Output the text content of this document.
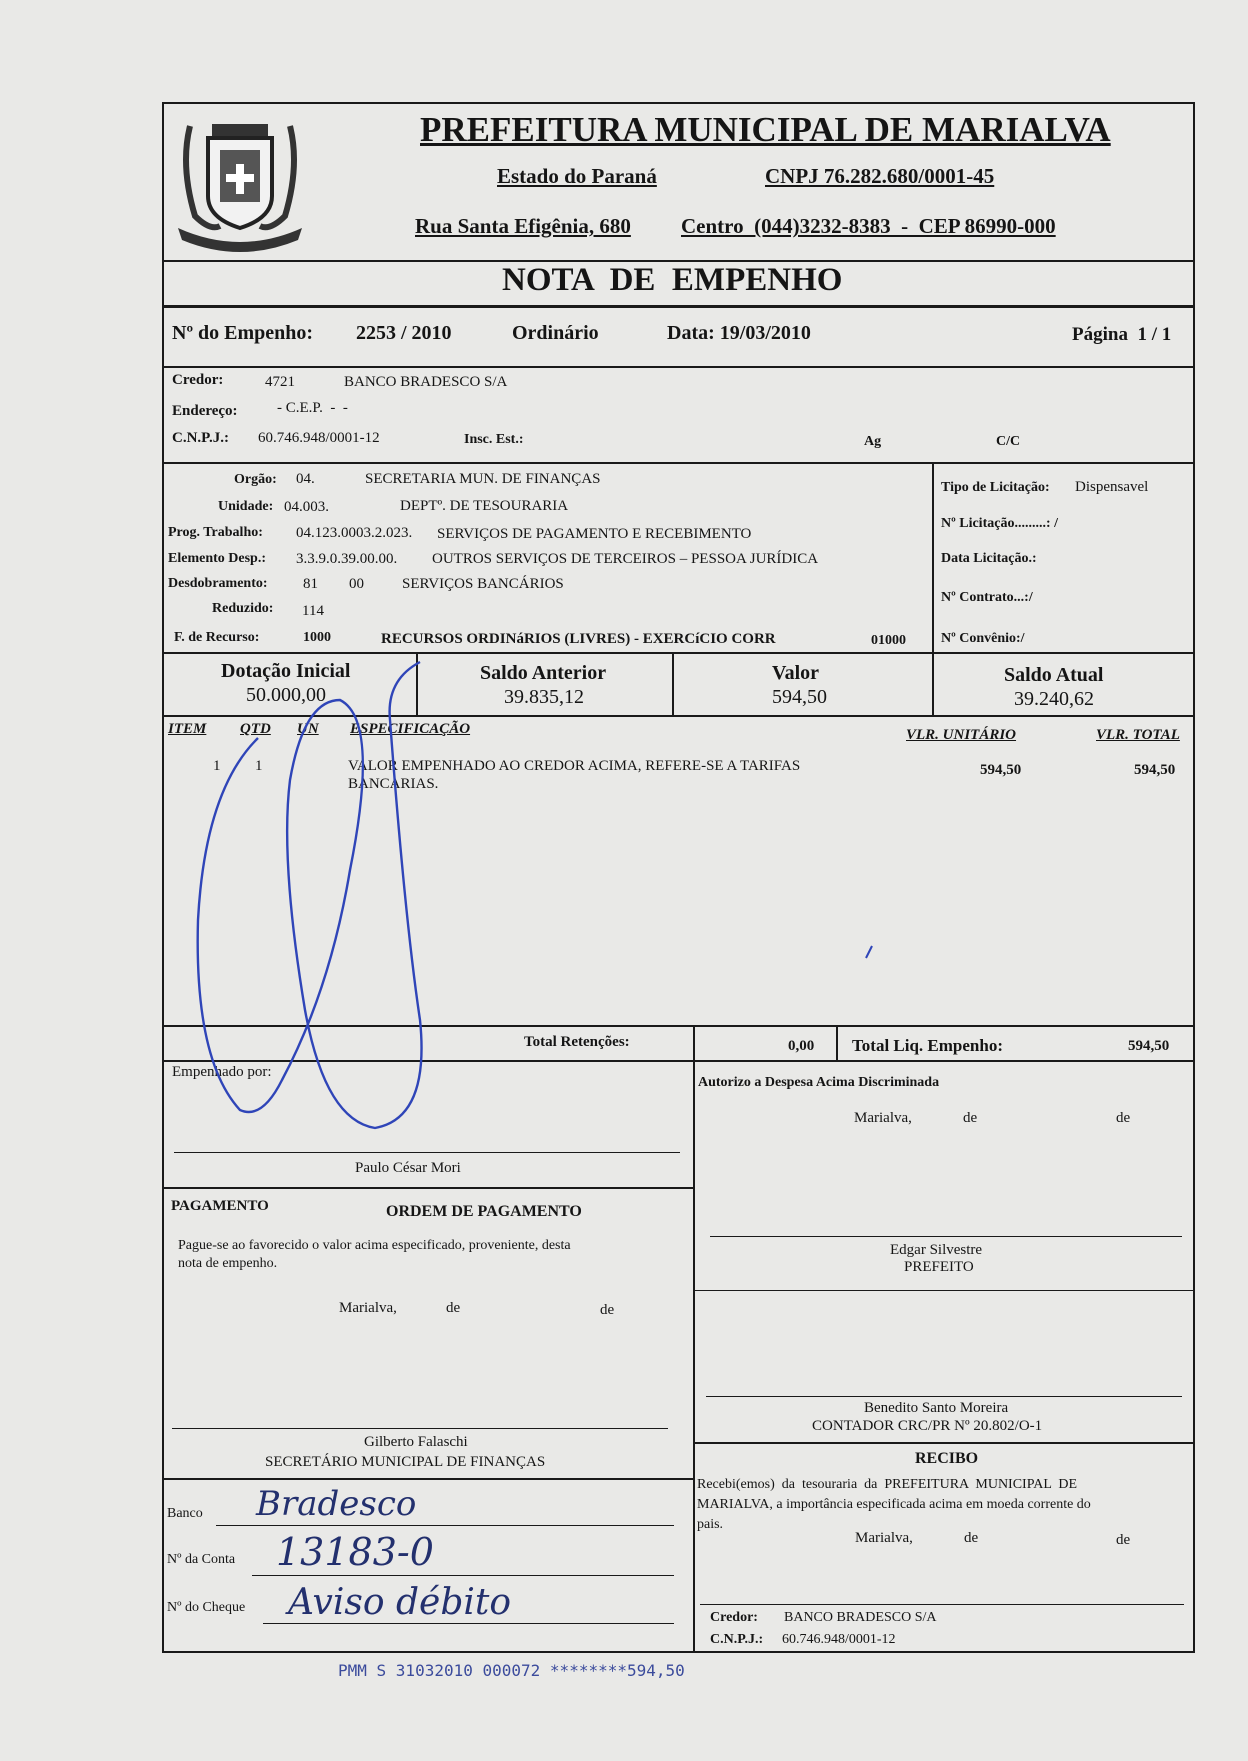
PREFEITURA MUNICIPAL DE MARIALVA
Estado do Paraná	CNPJ 76.282.680/0001-45
Rua Santa Efigênia, 680 Centro  (044)3232-8383  -  CEP 86990-000
NOTA  DE  EMPENHO
Nº do Empenho: 2253 / 2010	Ordinário	Data: 19/03/2010	Página  1 / 1
Credor:	4721	BANCO BRADESCO S/A
Endereço:	- C.E.P.  -  -
C.N.P.J.: 60.746.948/0001-12	Insc. Est.:	Ag	C/C
Orgão: 04.	SECRETARIA MUN. DE FINANÇAS
Unidade: 04.003.	DEPTº. DE TESOURARIA
Prog. Trabalho: 04.123.0003.2.023. SERVIÇOS DE PAGAMENTO E RECEBIMENTO
Elemento Desp.: 3.3.9.0.39.00.00. OUTROS SERVIÇOS DE TERCEIROS – PESSOA JURÍDICA
Desdobramento: 81 00	SERVIÇOS BANCÁRIOS
Reduzido: 114
F. de Recurso:	1000	RECURSOS ORDINáRIOS (LIVRES) - EXERCíCIO CORR	01000
Tipo de Licitação: Dispensavel
Nº Licitação.........: /
Data Licitação.:
Nº Contrato...:/
Nº Convênio:/
Dotação Inicial
50.000,00
Saldo Anterior
39.835,12
Valor
594,50
Saldo Atual
39.240,62
ITEM QTD UN ESPECIFICAÇÃO	VLR. UNITÁRIO	VLR. TOTAL
1 1	VALOR EMPENHADO AO CREDOR ACIMA, REFERE-SE A TARIFAS
BANCARIAS.
594,50	594,50
Total Retenções:	0,00 Total Liq. Empenho:	594,50
Empenhado por:
Paulo César Mori
Autorizo a Despesa Acima Discriminada
Marialva,	de	de
Edgar Silvestre
PREFEITO
Benedito Santo Moreira
CONTADOR CRC/PR Nº 20.802/O-1
PAGAMENTO	ORDEM DE PAGAMENTO
Pague-se ao favorecido o valor acima especificado, proveniente, desta
nota de empenho.
Marialva,	de	de
Gilberto Falaschi
SECRETÁRIO MUNICIPAL DE FINANÇAS
Banco Bradesco
Nº da Conta 13183-0
Nº do Cheque Aviso débito
RECIBO
Recebi(emos)  da  tesouraria  da  PREFEITURA  MUNICIPAL  DE
MARIALVA, a importância especificada acima em moeda corrente do
pais.
Marialva,	de	de
Credor: BANCO BRADESCO S/A
C.N.P.J.: 60.746.948/0001-12
PMM S 31032010 000072 ********594,50
